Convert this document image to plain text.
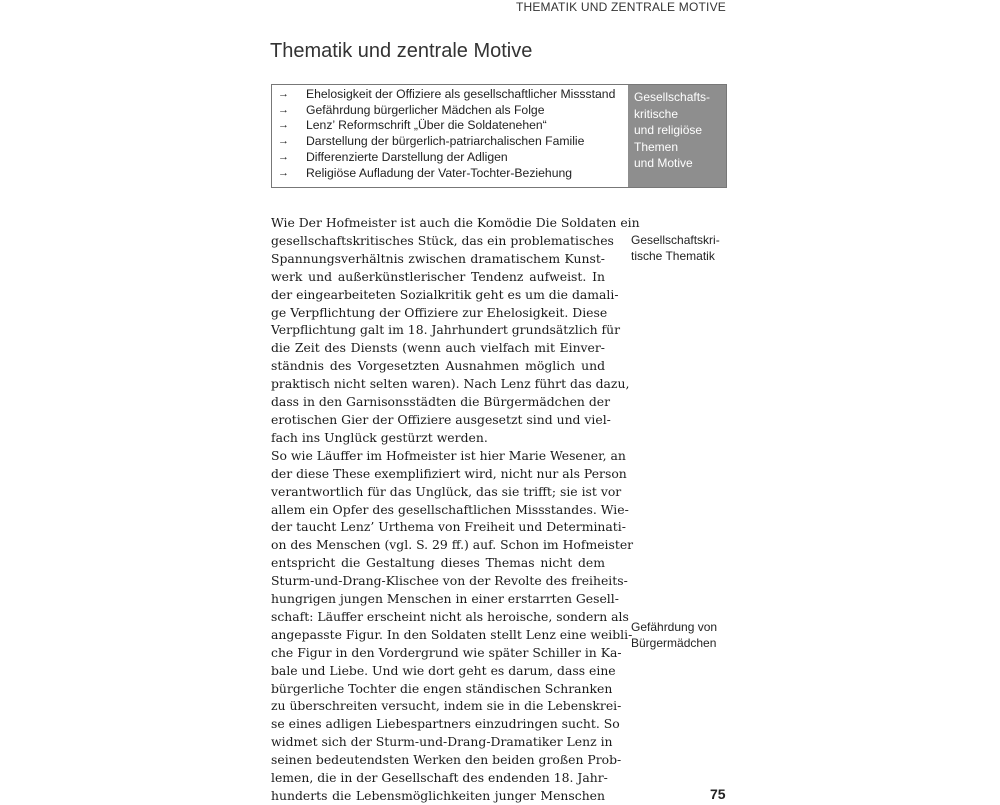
THEMATIK UND ZENTRALE MOTIVE
Thematik und zentrale Motive
→	Ehelosigkeit der Offiziere als gesellschaftlicher Missstand
→	Gefährdung bürgerlicher Mädchen als Folge
→	Lenz’ Reformschrift „Über die Soldatenehen“
→	Darstellung der bürgerlich-patriarchalischen Familie
→	Differenzierte Darstellung der Adligen
→	Religiöse Aufladung der Vater-Tochter-Beziehung
Gesellschafts-
kritische
und religiöse
Themen
und Motive
Wie Der Hofmeister ist auch die Komödie Die Soldaten ein
gesellschaftskritisches Stück, das ein problematisches
Spannungsverhältnis zwischen dramatischem Kunst-
werk und außerkünstlerischer Tendenz aufweist. In
der eingearbeiteten Sozialkritik geht es um die damali-
ge Verpflichtung der Offiziere zur Ehelosigkeit. Diese
Verpflichtung galt im 18. Jahrhundert grundsätzlich für
die Zeit des Diensts (wenn auch vielfach mit Einver-
ständnis des Vorgesetzten Ausnahmen möglich und
praktisch nicht selten waren). Nach Lenz führt das dazu,
dass in den Garnisonsstädten die Bürgermädchen der
erotischen Gier der Offiziere ausgesetzt sind und viel-
fach ins Unglück gestürzt werden.
So wie Läuffer im Hofmeister ist hier Marie Wesener, an
der diese These exemplifiziert wird, nicht nur als Person
verantwortlich für das Unglück, das sie trifft; sie ist vor
allem ein Opfer des gesellschaftlichen Missstandes. Wie-
der taucht Lenz’ Urthema von Freiheit und Determinati-
on des Menschen (vgl. S. 29 ff.) auf. Schon im Hofmeister
entspricht die Gestaltung dieses Themas nicht dem
Sturm-und-Drang-Klischee von der Revolte des freiheits-
hungrigen jungen Menschen in einer erstarrten Gesell-
schaft: Läuffer erscheint nicht als heroische, sondern als
angepasste Figur. In den Soldaten stellt Lenz eine weibli-
che Figur in den Vordergrund wie später Schiller in Ka-
bale und Liebe. Und wie dort geht es darum, dass eine
bürgerliche Tochter die engen ständischen Schranken
zu überschreiten versucht, indem sie in die Lebenskrei-
se eines adligen Liebespartners einzudringen sucht. So
widmet sich der Sturm-und-Drang-Dramatiker Lenz in
seinen bedeutendsten Werken den beiden großen Prob-
lemen, die in der Gesellschaft des endenden 18. Jahr-
hunderts die Lebensmöglichkeiten junger Menschen
Gesellschaftskri-
tische Thematik
Gefährdung von
Bürgermädchen
75
